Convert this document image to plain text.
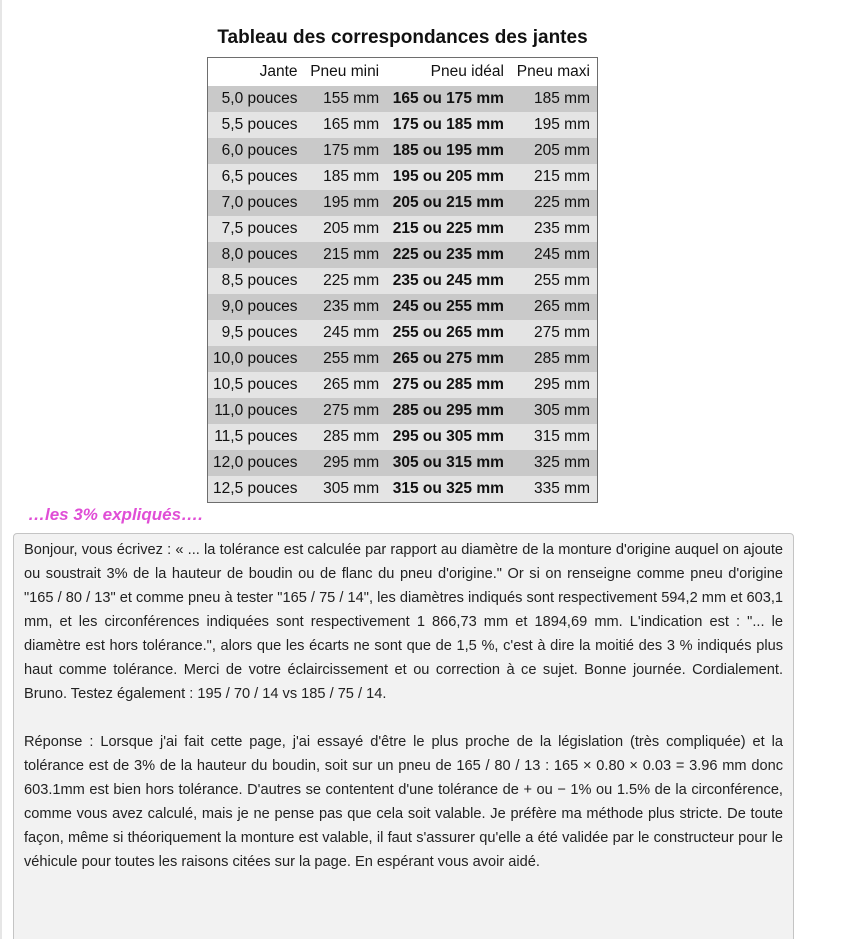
Tableau des correspondances des jantes
Jante	Pneu mini	Pneu idéal	Pneu maxi
5,0 pouces	155 mm	165 ou 175 mm	185 mm
5,5 pouces	165 mm	175 ou 185 mm	195 mm
6,0 pouces	175 mm	185 ou 195 mm	205 mm
6,5 pouces	185 mm	195 ou 205 mm	215 mm
7,0 pouces	195 mm	205 ou 215 mm	225 mm
7,5 pouces	205 mm	215 ou 225 mm	235 mm
8,0 pouces	215 mm	225 ou 235 mm	245 mm
8,5 pouces	225 mm	235 ou 245 mm	255 mm
9,0 pouces	235 mm	245 ou 255 mm	265 mm
9,5 pouces	245 mm	255 ou 265 mm	275 mm
10,0 pouces	255 mm	265 ou 275 mm	285 mm
10,5 pouces	265 mm	275 ou 285 mm	295 mm
11,0 pouces	275 mm	285 ou 295 mm	305 mm
11,5 pouces	285 mm	295 ou 305 mm	315 mm
12,0 pouces	295 mm	305 ou 315 mm	325 mm
12,5 pouces	305 mm	315 ou 325 mm	335 mm
…les 3% expliqués….

Bonjour, vous écrivez : « ... la tolérance est calculée par rapport au diamètre de la monture d'origine auquel on ajoute ou soustrait 3% de la hauteur de boudin ou de flanc du pneu d'origine." Or si on renseigne comme pneu d'origine "165 / 80 / 13" et comme pneu à tester "165 / 75 / 14", les diamètres indiqués sont respectivement 594,2 mm et 603,1 mm, et les circonférences indiquées sont respectivement 1 866,73 mm et 1894,69 mm. L'indication est : "... le diamètre est hors tolérance.", alors que les écarts ne sont que de 1,5 %, c'est à dire la moitié des 3 % indiqués plus haut comme tolérance. Merci de votre éclaircissement et ou correction à ce sujet. Bonne journée. Cordialement. Bruno. Testez également : 195 / 70 / 14 vs 185 / 75 / 14.

Réponse : Lorsque j'ai fait cette page, j'ai essayé d'être le plus proche de la législation (très compliquée) et la tolérance est de 3% de la hauteur du boudin, soit sur un pneu de 165 / 80 / 13 : 165 × 0.80 × 0.03 = 3.96 mm donc 603.1mm est bien hors tolérance. D'autres se contentent d'une tolérance de + ou − 1% ou 1.5% de la circonférence, comme vous avez calculé, mais je ne pense pas que cela soit valable. Je préfère ma méthode plus stricte. De toute façon, même si théoriquement la monture est valable, il faut s'assurer qu'elle a été validée par le constructeur pour le véhicule pour toutes les raisons citées sur la page. En espérant vous avoir aidé.
